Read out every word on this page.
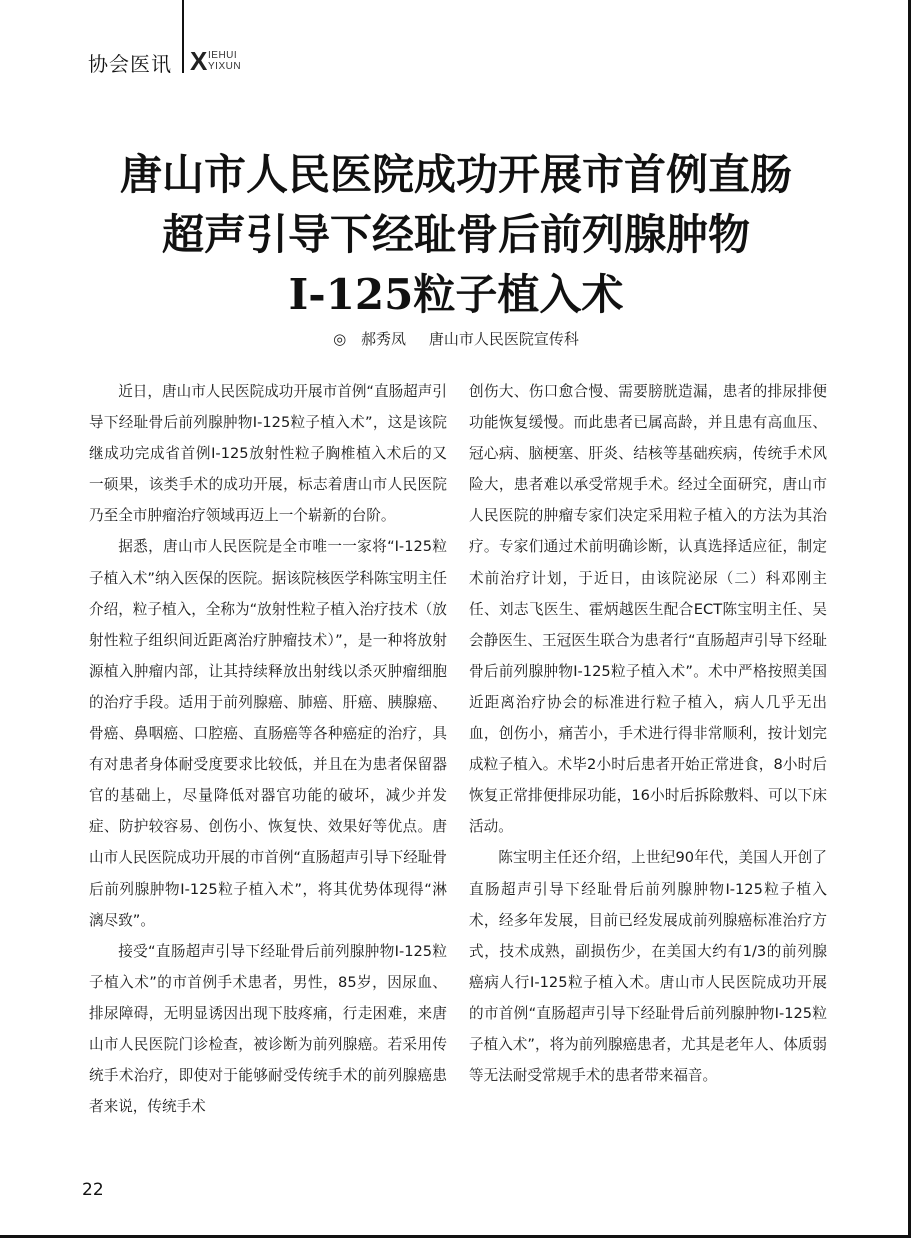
协会医讯 X IEHUI
YIXUN
唐山市人民医院成功开展市首例直肠
超声引导下经耻骨后前列腺肿物
I-125粒子植入术
◎ 郝秀凤 唐山市人民医院宣传科

近日，唐山市人民医院成功开展市首例“直肠超声引导下经耻骨后前列腺肿物I-125粒子植入术”，这是该院继成功完成省首例I-125放射性粒子胸椎植入术后的又一硕果，该类手术的成功开展，标志着唐山市人民医院乃至全市肿瘤治疗领域再迈上一个崭新的台阶。

据悉，唐山市人民医院是全市唯一一家将“I-125粒子植入术”纳入医保的医院。据该院核医学科陈宝明主任介绍，粒子植入，全称为“放射性粒子植入治疗技术（放射性粒子组织间近距离治疗肿瘤技术）”，是一种将放射源植入肿瘤内部，让其持续释放出射线以杀灭肿瘤细胞的治疗手段。适用于前列腺癌、肺癌、肝癌、胰腺癌、骨癌、鼻咽癌、口腔癌、直肠癌等各种癌症的治疗，具有对患者身体耐受度要求比较低，并且在为患者保留器官的基础上，尽量降低对器官功能的破坏，减少并发症、防护较容易、创伤小、恢复快、效果好等优点。唐山市人民医院成功开展的市首例“直肠超声引导下经耻骨后前列腺肿物I-125粒子植入术”，将其优势体现得“淋漓尽致”。

接受“直肠超声引导下经耻骨后前列腺肿物I-125粒子植入术”的市首例手术患者，男性，85岁，因尿血、排尿障碍，无明显诱因出现下肢疼痛，行走困难，来唐山市人民医院门诊检查，被诊断为前列腺癌。若采用传统手术治疗，即使对于能够耐受传统手术的前列腺癌患者来说，传统手术

创伤大、伤口愈合慢、需要膀胱造漏，患者的排尿排便功能恢复缓慢。而此患者已属高龄，并且患有高血压、冠心病、脑梗塞、肝炎、结核等基础疾病，传统手术风险大，患者难以承受常规手术。经过全面研究，唐山市人民医院的肿瘤专家们决定采用粒子植入的方法为其治疗。专家们通过术前明确诊断，认真选择适应征，制定术前治疗计划，于近日，由该院泌尿（二）科邓刚主任、刘志飞医生、霍炳越医生配合ECT陈宝明主任、吴会静医生、王冠医生联合为患者行“直肠超声引导下经耻骨后前列腺肿物I-125粒子植入术”。术中严格按照美国近距离治疗协会的标准进行粒子植入，病人几乎无出血，创伤小，痛苦小，手术进行得非常顺利，按计划完成粒子植入。术毕2小时后患者开始正常进食，8小时后恢复正常排便排尿功能，16小时后拆除敷料、可以下床活动。

陈宝明主任还介绍，上世纪90年代，美国人开创了直肠超声引导下经耻骨后前列腺肿物I-125粒子植入术，经多年发展，目前已经发展成前列腺癌标准治疗方式，技术成熟，副损伤少，在美国大约有1/3的前列腺癌病人行I-125粒子植入术。唐山市人民医院成功开展的市首例“直肠超声引导下经耻骨后前列腺肿物I-125粒子植入术”，将为前列腺癌患者，尤其是老年人、体质弱等无法耐受常规手术的患者带来福音。

22
